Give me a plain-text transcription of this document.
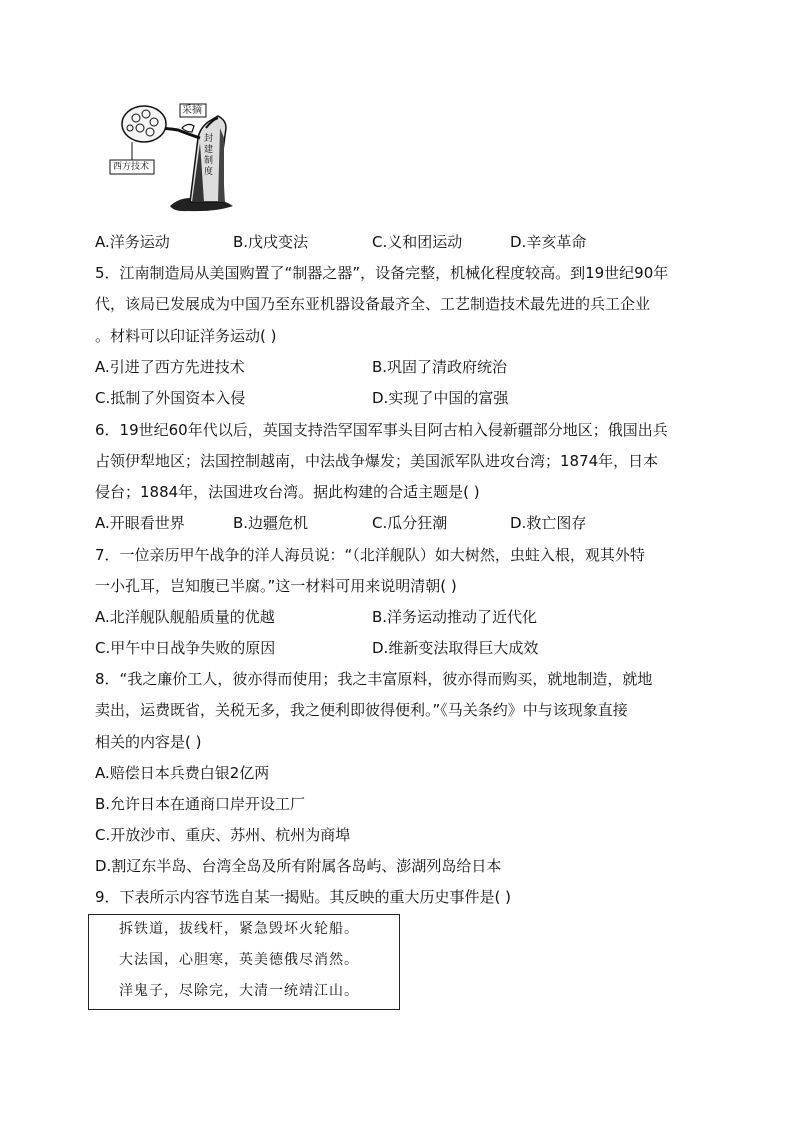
采摘
西方技术
封建制度
A.洋务运动	B.戊戌变法	C.义和团运动	D.辛亥革命
5．江南制造局从美国购置了“制器之器”，设备完整，机械化程度较高。到19世纪90年
代，该局已发展成为中国乃至东亚机器设备最齐全、工艺制造技术最先进的兵工企业
。材料可以印证洋务运动( )
A.引进了西方先进技术	B.巩固了清政府统治
C.抵制了外国资本入侵	D.实现了中国的富强
6．19世纪60年代以后，英国支持浩罕国军事头目阿古柏入侵新疆部分地区；俄国出兵
占领伊犁地区；法国控制越南，中法战争爆发；美国派军队进攻台湾；1874年，日本
侵台；1884年，法国进攻台湾。据此构建的合适主题是( )
A.开眼看世界	B.边疆危机	C.瓜分狂潮	D.救亡图存
7．一位亲历甲午战争的洋人海员说：“（北洋舰队）如大树然，虫蛀入根，观其外特
一小孔耳，岂知腹已半腐。”这一材料可用来说明清朝( )
A.北洋舰队舰船质量的优越	B.洋务运动推动了近代化
C.甲午中日战争失败的原因	D.维新变法取得巨大成效
8．“我之廉价工人，彼亦得而使用；我之丰富原料，彼亦得而购买，就地制造，就地
卖出，运费既省，关税无多，我之便利即彼得便利。”《马关条约》中与该现象直接
相关的内容是( )
A.赔偿日本兵费白银2亿两
B.允许日本在通商口岸开设工厂
C.开放沙市、重庆、苏州、杭州为商埠
D.割辽东半岛、台湾全岛及所有附属各岛屿、澎湖列岛给日本
9．下表所示内容节选自某一揭贴。其反映的重大历史事件是( )
拆铁道，拔线杆，紧急毁坏火轮船。
大法国，心胆寒，英美德俄尽消然。
洋鬼子，尽除完，大清一统靖江山。
